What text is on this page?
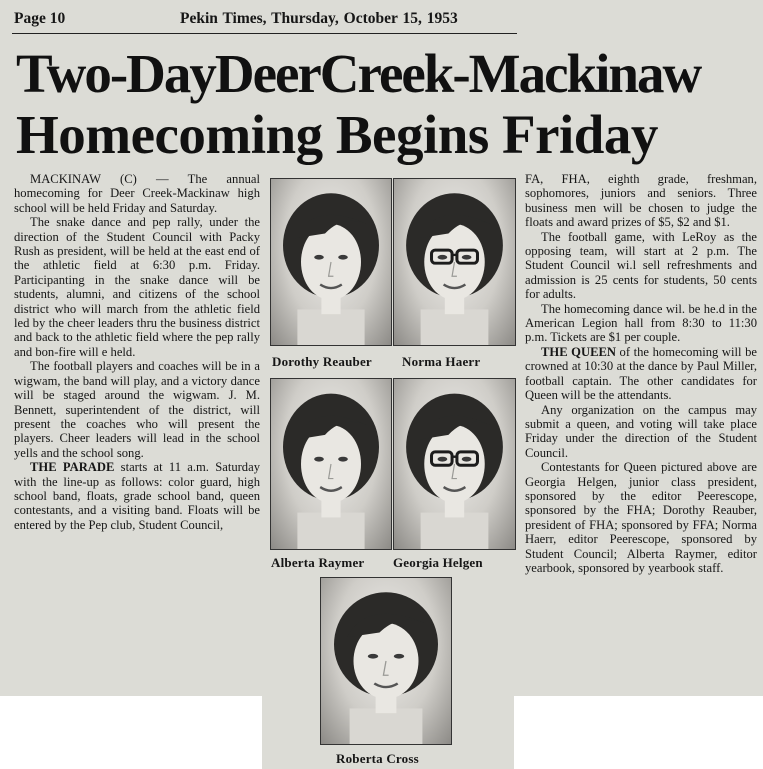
Page 10	Pekin Times, Thursday, October 15, 1953
Two-DayDeerCreek-Mackinaw
Homecoming Begins Friday

MACKINAW (C) — The annual homecoming for Deer Creek-Mackinaw high school will be held Friday and Saturday.

The snake dance and pep rally, under the direction of the Student Council with Packy Rush as president, will be held at the east end of the athletic field at 6:30 p.m. Friday. Participanting in the snake dance will be students, alumni, and citizens of the school district who will march from the athletic field led by the cheer leaders thru the business district and back to the athletic field where the pep rally and bon-fire will e held.

The football players and coaches will be in a wigwam, the band will play, and a victory dance will be staged around the wigwam. J. M. Bennett, superintendent of the district, will present the coaches who will present the players. Cheer leaders will lead in the school yells and the school song.

THE PARADE starts at 11 a.m. Saturday with the line-up as follows: color guard, high school band, floats, grade school band, queen contestants, and a visiting band. Floats will be entered by the Pep club, Student Council,

FA, FHA, eighth grade, freshman, sophomores, juniors and seniors. Three business men will be chosen to judge the floats and award prizes of $5, $2 and $1.

The football game, with LeRoy as the opposing team, will start at 2 p.m. The Student Council wi.l sell refreshments and admission is 25 cents for students, 50 cents for adults.

The homecoming dance wil. be he.d in the American Legion hall from 8:30 to 11:30 p.m. Tickets are $1 per couple.

THE QUEEN of the homecoming will be crowned at 10:30 at the dance by Paul Miller, football captain. The other candidates for Queen will be the attendants.

Any organization on the campus may submit a queen, and voting will take place Friday under the direction of the Student Council.

Contestants for Queen pictured above are Georgia Helgen, junior class president, sponsored by the editor Peerescope, sponsored by the FHA; Dorothy Reauber, president of FHA; sponsored by FFA; Norma Haerr, editor Peerescope, sponsored by Student Council; Alberta Raymer, editor yearbook, sponsored by yearbook staff.

Dorothy Reauber Norma Haerr
Alberta Raymer Georgia Helgen
Roberta Cross
